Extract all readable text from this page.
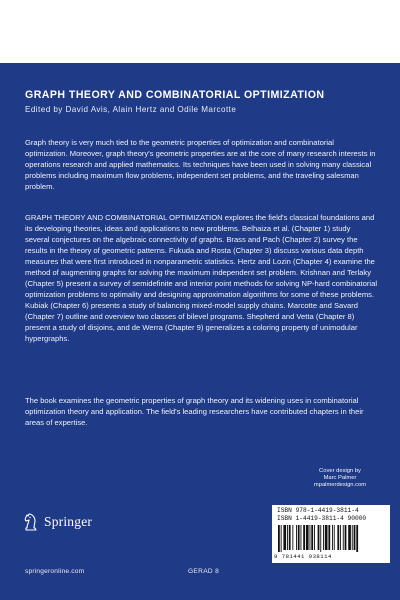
GRAPH THEORY AND COMBINATORIAL OPTIMIZATION
Edited by David Avis, Alain Hertz and Odile Marcotte

Graph theory is very much tied to the geometric properties of optimization and combinatorial optimization. Moreover, graph theory's geometric properties are at the core of many research interests in operations research and applied mathematics. Its techniques have been used in solving many classical problems including maximum flow problems, independent set problems, and the traveling salesman problem.

GRAPH THEORY AND COMBINATORIAL OPTIMIZATION explores the field's classical foundations and its developing theories, ideas and applications to new problems. Belhaiza et al. (Chapter 1) study several conjectures on the algebraic connectivity of graphs. Brass and Pach (Chapter 2) survey the results in the theory of geometric patterns. Fukuda and Rosta (Chapter 3) discuss various data depth measures that were first introduced in nonparametric statistics. Hertz and Lozin (Chapter 4) examine the method of augmenting graphs for solving the maximum independent set problem. Krishnan and Terlaky (Chapter 5) present a survey of semidefinite and interior point methods for solving NP-hard combinatorial optimization problems to optimality and designing approximation algorithms for some of these problems. Kubiak (Chapter 6) presents a study of balancing mixed-model supply chains. Marcotte and Savard (Chapter 7) outline and overview two classes of bilevel programs. Shepherd and Vetta (Chapter 8) present a study of disjoins, and de Werra (Chapter 9) generalizes a coloring property of unimodular hypergraphs.

The book examines the geometric properties of graph theory and its widening uses in combinatorial optimization theory and application. The field's leading researchers have contributed chapters in their areas of expertise.

Cover design by
Marc Palmer
mpalmerdesign.com
Springer
ISBN 978-1-4419-3811-4
ISBN 1-4419-3811-4 90000
9 781441 938114
springeronline.com	GERAD 8
